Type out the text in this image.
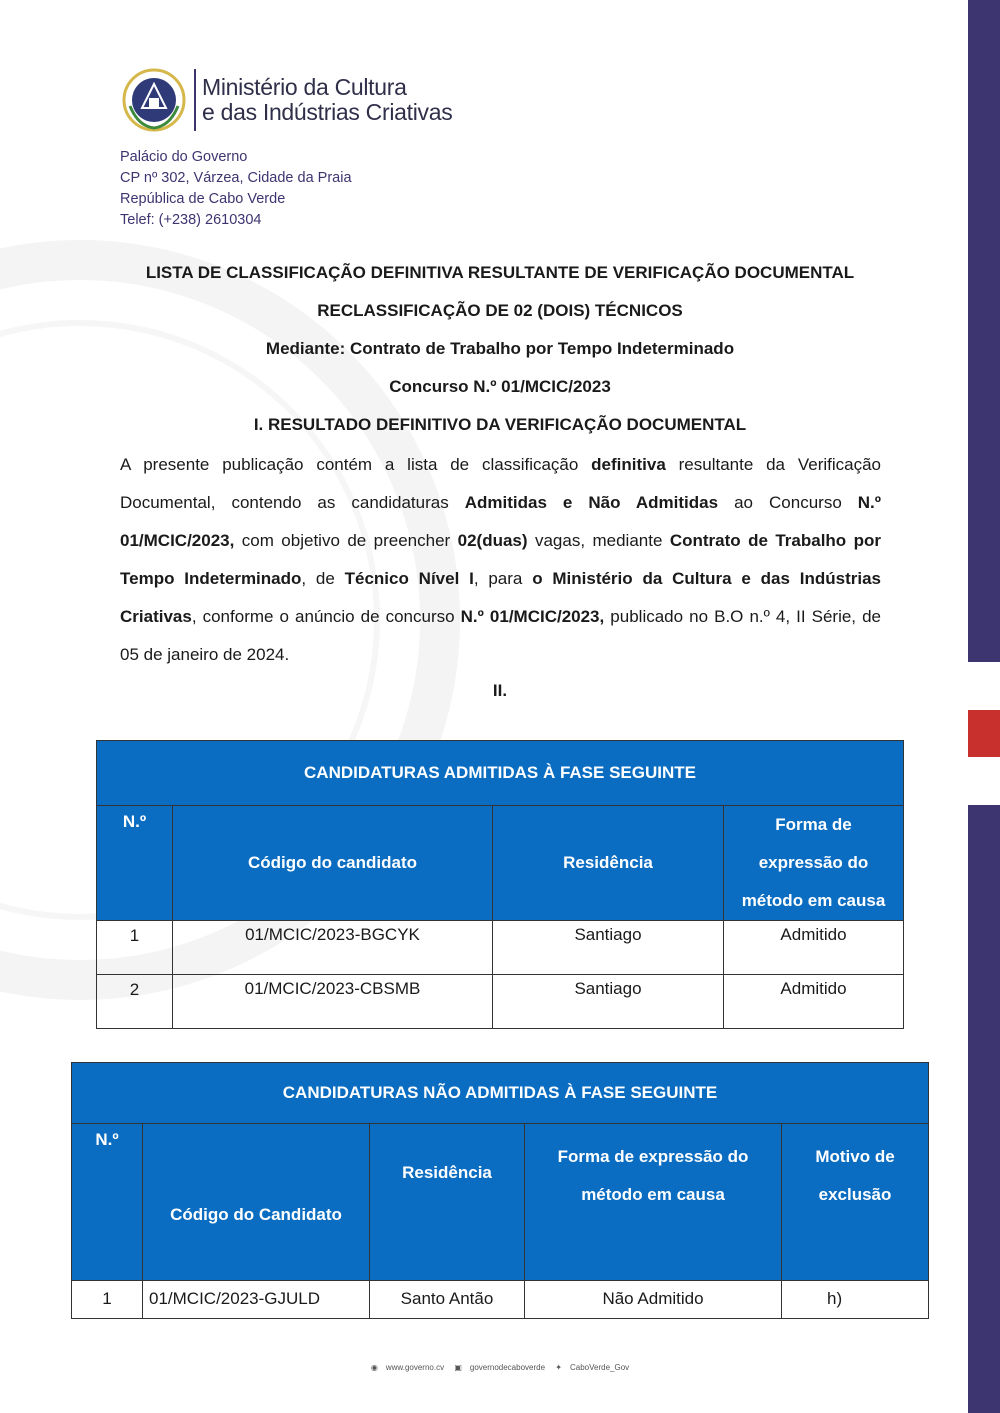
Ministério da Cultura
e das Indústrias Criativas
Palácio do Governo
CP nº 302, Várzea, Cidade da Praia
República de Cabo Verde
Telef: (+238) 2610304
LISTA DE CLASSIFICAÇÃO DEFINITIVA RESULTANTE DE VERIFICAÇÃO DOCUMENTAL
RECLASSIFICAÇÃO DE 02 (DOIS) TÉCNICOS
Mediante: Contrato de Trabalho por Tempo Indeterminado
Concurso N.º 01/MCIC/2023
I. RESULTADO DEFINITIVO DA VERIFICAÇÃO DOCUMENTAL
A presente publicação contém a lista de classificação definitiva resultante da Verificação Documental, contendo as candidaturas Admitidas e Não Admitidas ao Concurso N.º 01/MCIC/2023, com objetivo de preencher 02(duas) vagas, mediante Contrato de Trabalho por Tempo Indeterminado, de Técnico Nível I, para o Ministério da Cultura e das Indústrias Criativas, conforme o anúncio de concurso N.º 01/MCIC/2023, publicado no B.O n.º 4, II Série, de 05 de janeiro de 2024.
II.
CANDIDATURAS ADMITIDAS À FASE SEGUINTE			
N.º	Código do candidato	Residência	Forma de expressão do método em causa
1	01/MCIC/2023-BGCYK	Santiago	Admitido
2	01/MCIC/2023-CBSMB	Santiago	Admitido
CANDIDATURAS NÃO ADMITIDAS À FASE SEGUINTE				
N.º	Código do Candidato	Residência	Forma de expressão do método em causa	Motivo de exclusão
1	01/MCIC/2023-GJULD	Santo Antão	Não Admitido	h)
◉ www.governo.cv ▣ governodecaboverde ✦ CaboVerde_Gov
